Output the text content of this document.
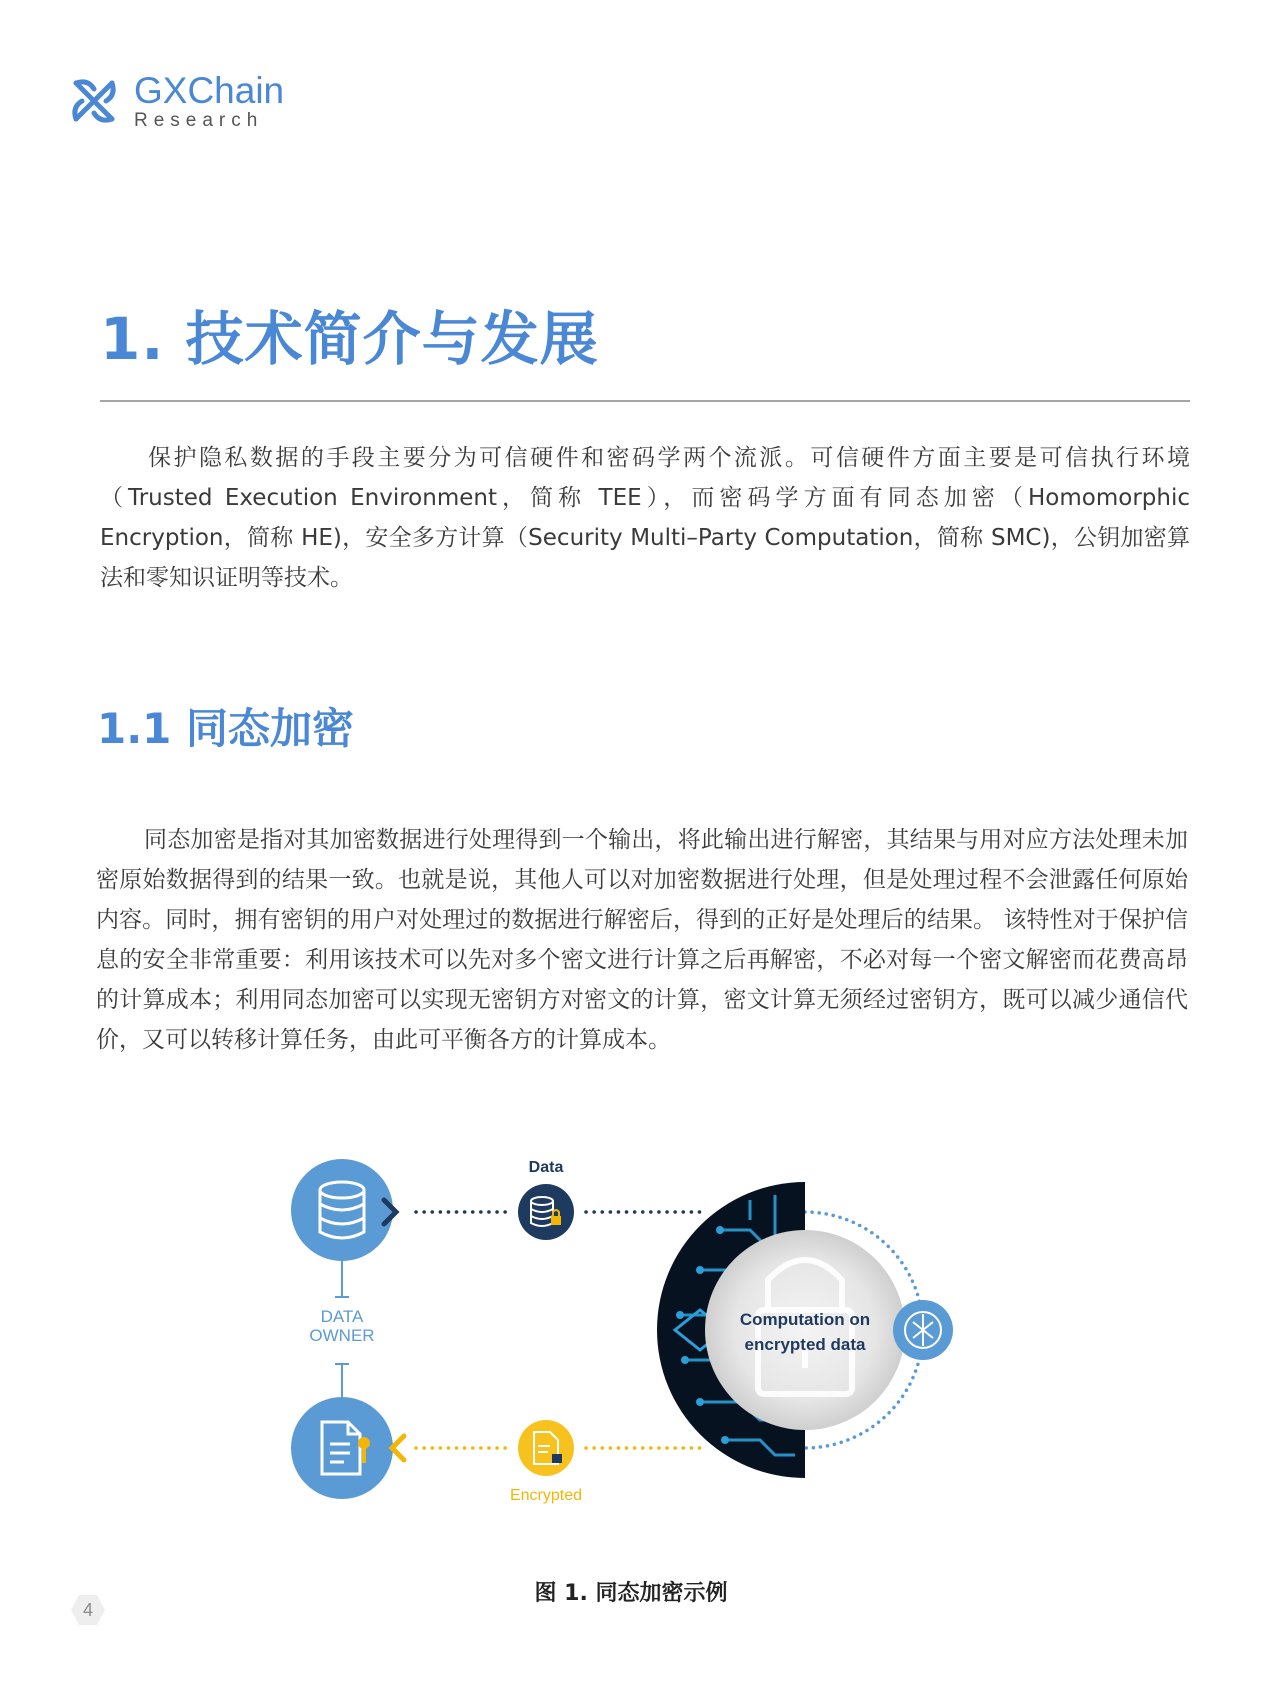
GXChain
Research
1. 技术简介与发展

保护隐私数据的手段主要分为可信硬件和密码学两个流派。可信硬件方面主要是可信执行环境（Trusted Execution Environment，简称 TEE），而密码学方面有同态加密（Homomorphic Encryption，简称 HE)，安全多方计算（Security Multi–Party Computation，简称 SMC)，公钥加密算法和零知识证明等技术。

1.1 同态加密

同态加密是指对其加密数据进行处理得到一个输出，将此输出进行解密，其结果与用对应方法处理未加密原始数据得到的结果一致。也就是说，其他人可以对加密数据进行处理，但是处理过程不会泄露任何原始内容。同时，拥有密钥的用户对处理过的数据进行解密后，得到的正好是处理后的结果。 该特性对于保护信息的安全非常重要：利用该技术可以先对多个密文进行计算之后再解密，不必对每一个密文解密而花费高昂的计算成本；利用同态加密可以实现无密钥方对密文的计算，密文计算无须经过密钥方，既可以减少通信代价，又可以转移计算任务，由此可平衡各方的计算成本。

DATA
OWNER
Data
Encrypted
Computation on
encrypted data
图 1. 同态加密示例
4
